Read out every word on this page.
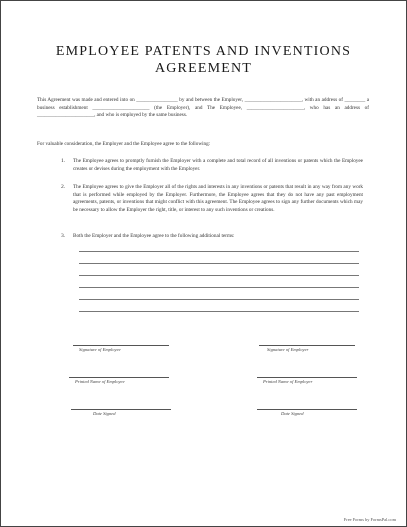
EMPLOYEE PATENTS AND INVENTIONS
AGREEMENT
This Agreement was made and entered into on ________________ by and between the Employer, ______________________, with an address of ________ a business establishment ______________________ (the Employer), and The Employee, ______________________, who has an address of ______________________, and who is employed by the same business.
For valuable consideration, the Employer and the Employee agree to the following:
1. The Employee agrees to promptly furnish the Employer with a complete and total record of all inventions or patents which the Employee creates or devises during the employment with the Employer.
2. The Employee agrees to give the Employer all of the rights and interests in any inventions or patents that result in any way from any work that is performed while employed by the Employer. Furthermore, the Employee agrees that they do not have any past employment agreements, patents, or inventions that might conflict with this agreement. The Employee agrees to sign any further documents which may be necessary to allow the Employer the right, title, or interest to any such inventions or creations.
3. Both the Employer and the Employee agree to the following additional terms:
Signature of Employee	Signature of Employer
Printed Name of Employee	Printed Name of Employer
Date Signed	Date Signed
Free Forms by FormsPal.com
